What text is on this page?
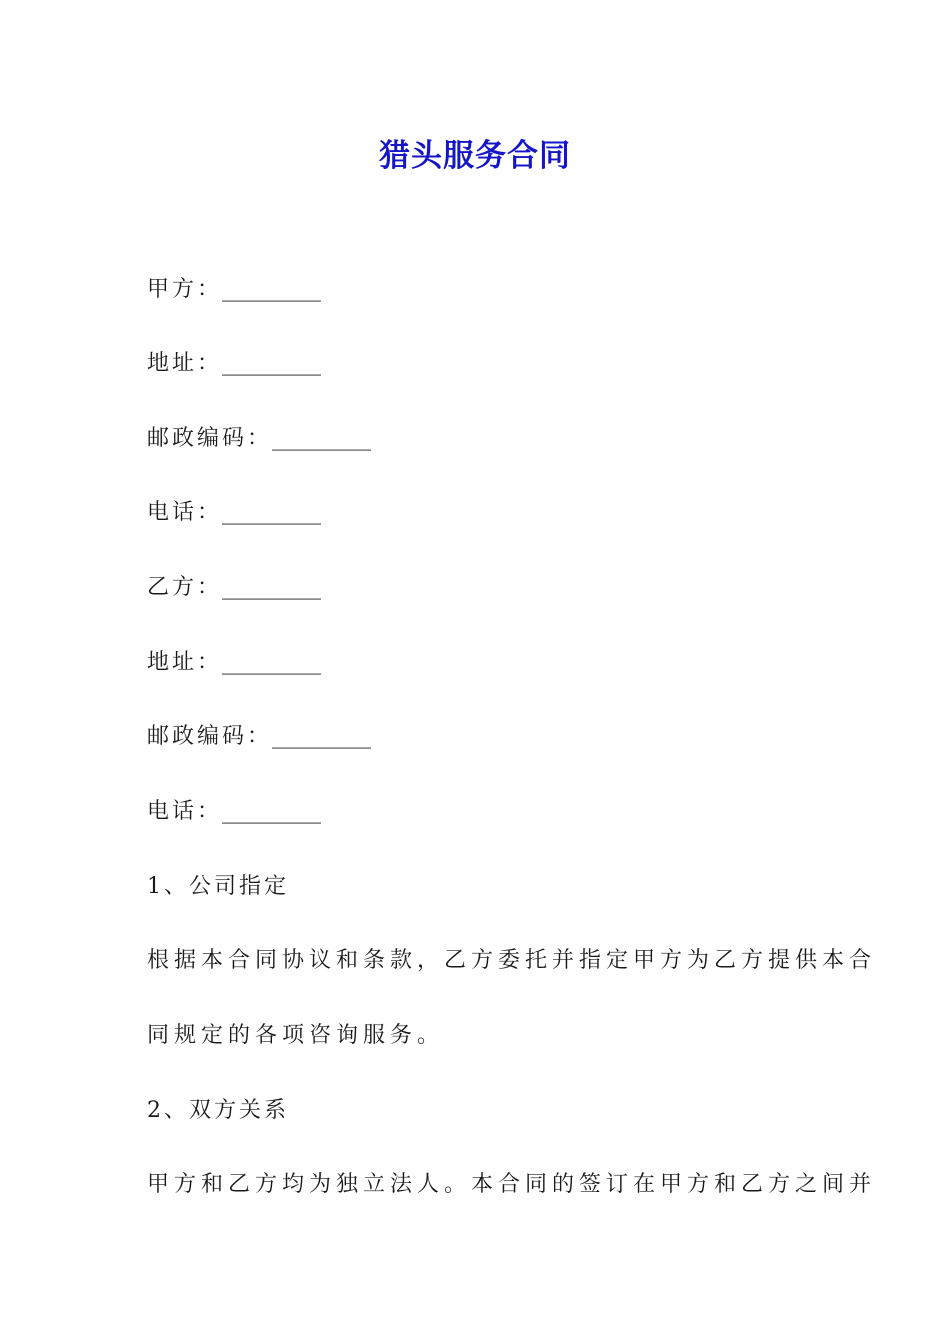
猎头服务合同
甲方：_________
地址：_________
邮政编码：_________
电话：_________
乙方：_________
地址：_________
邮政编码：_________
电话：_________
1、公司指定
根据本合同协议和条款，乙方委托并指定甲方为乙方提供本合
同规定的各项咨询服务。
2、双方关系
甲方和乙方均为独立法人。本合同的签订在甲方和乙方之间并
